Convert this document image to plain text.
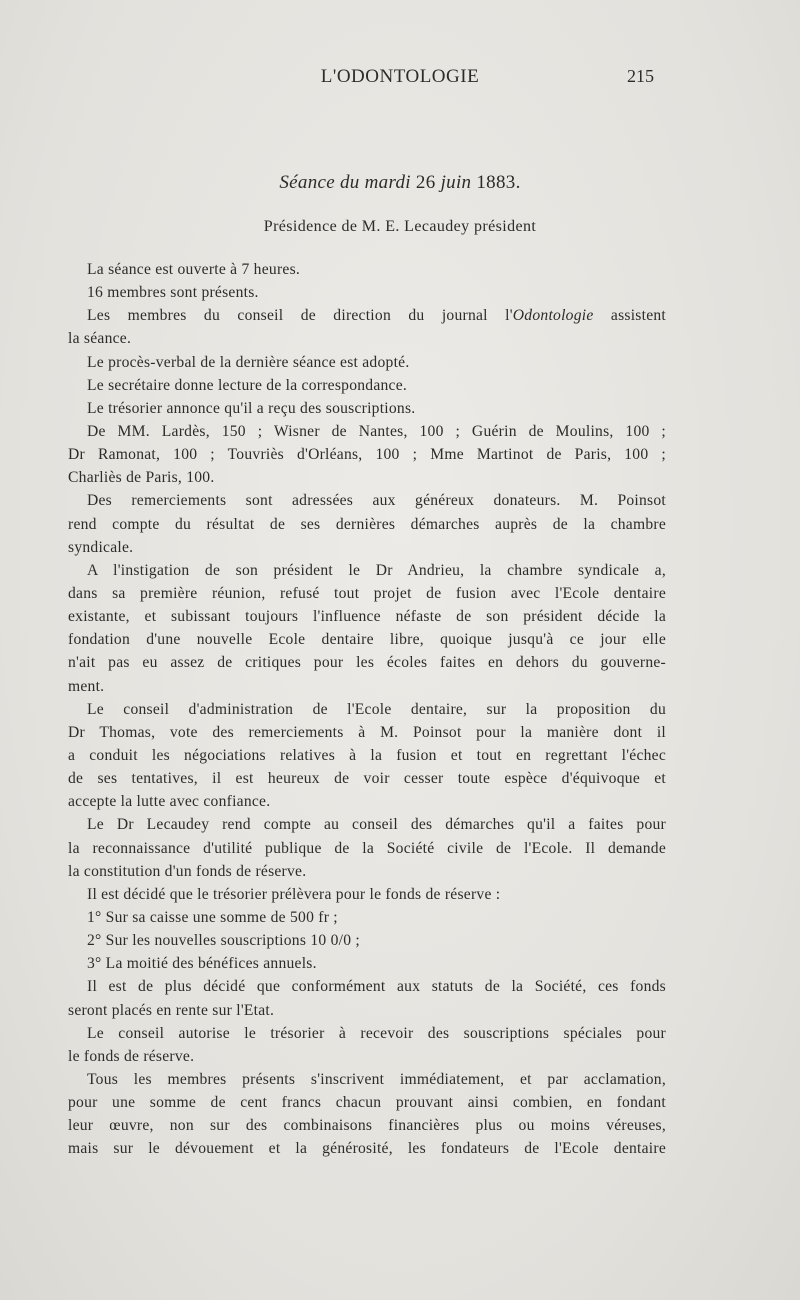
L'ODONTOLOGIE	215
Séance du mardi 26 juin 1883.
Présidence de M. E. Lecaudey président
La séance est ouverte à 7 heures.
16 membres sont présents.
Les membres du conseil de direction du journal l'Odontologie assistent
la séance.
Le procès-verbal de la dernière séance est adopté.
Le secrétaire donne lecture de la correspondance.
Le trésorier annonce qu'il a reçu des souscriptions.
De MM. Lardès, 150 ; Wisner de Nantes, 100 ; Guérin de Moulins, 100 ;
Dr Ramonat, 100 ; Touvriès d'Orléans, 100 ; Mme Martinot de Paris, 100 ;
Charliès de Paris, 100.
Des remerciements sont adressées aux généreux donateurs. M. Poinsot
rend compte du résultat de ses dernières démarches auprès de la chambre
syndicale.
A l'instigation de son président le Dr Andrieu, la chambre syndicale a,
dans sa première réunion, refusé tout projet de fusion avec l'Ecole dentaire
existante, et subissant toujours l'influence néfaste de son président décide la
fondation d'une nouvelle Ecole dentaire libre, quoique jusqu'à ce jour elle
n'ait pas eu assez de critiques pour les écoles faites en dehors du gouverne-
ment.
Le conseil d'administration de l'Ecole dentaire, sur la proposition du
Dr Thomas, vote des remerciements à M. Poinsot pour la manière dont il
a conduit les négociations relatives à la fusion et tout en regrettant l'échec
de ses tentatives, il est heureux de voir cesser toute espèce d'équivoque et
accepte la lutte avec confiance.
Le Dr Lecaudey rend compte au conseil des démarches qu'il a faites pour
la reconnaissance d'utilité publique de la Société civile de l'Ecole. Il demande
la constitution d'un fonds de réserve.
Il est décidé que le trésorier prélèvera pour le fonds de réserve :
1° Sur sa caisse une somme de 500 fr ;
2° Sur les nouvelles souscriptions 10 0/0 ;
3° La moitié des bénéfices annuels.
Il est de plus décidé que conformément aux statuts de la Société, ces fonds
seront placés en rente sur l'Etat.
Le conseil autorise le trésorier à recevoir des souscriptions spéciales pour
le fonds de réserve.
Tous les membres présents s'inscrivent immédiatement, et par acclamation,
pour une somme de cent francs chacun prouvant ainsi combien, en fondant
leur œuvre, non sur des combinaisons financières plus ou moins véreuses,
mais sur le dévouement et la générosité, les fondateurs de l'Ecole dentaire
